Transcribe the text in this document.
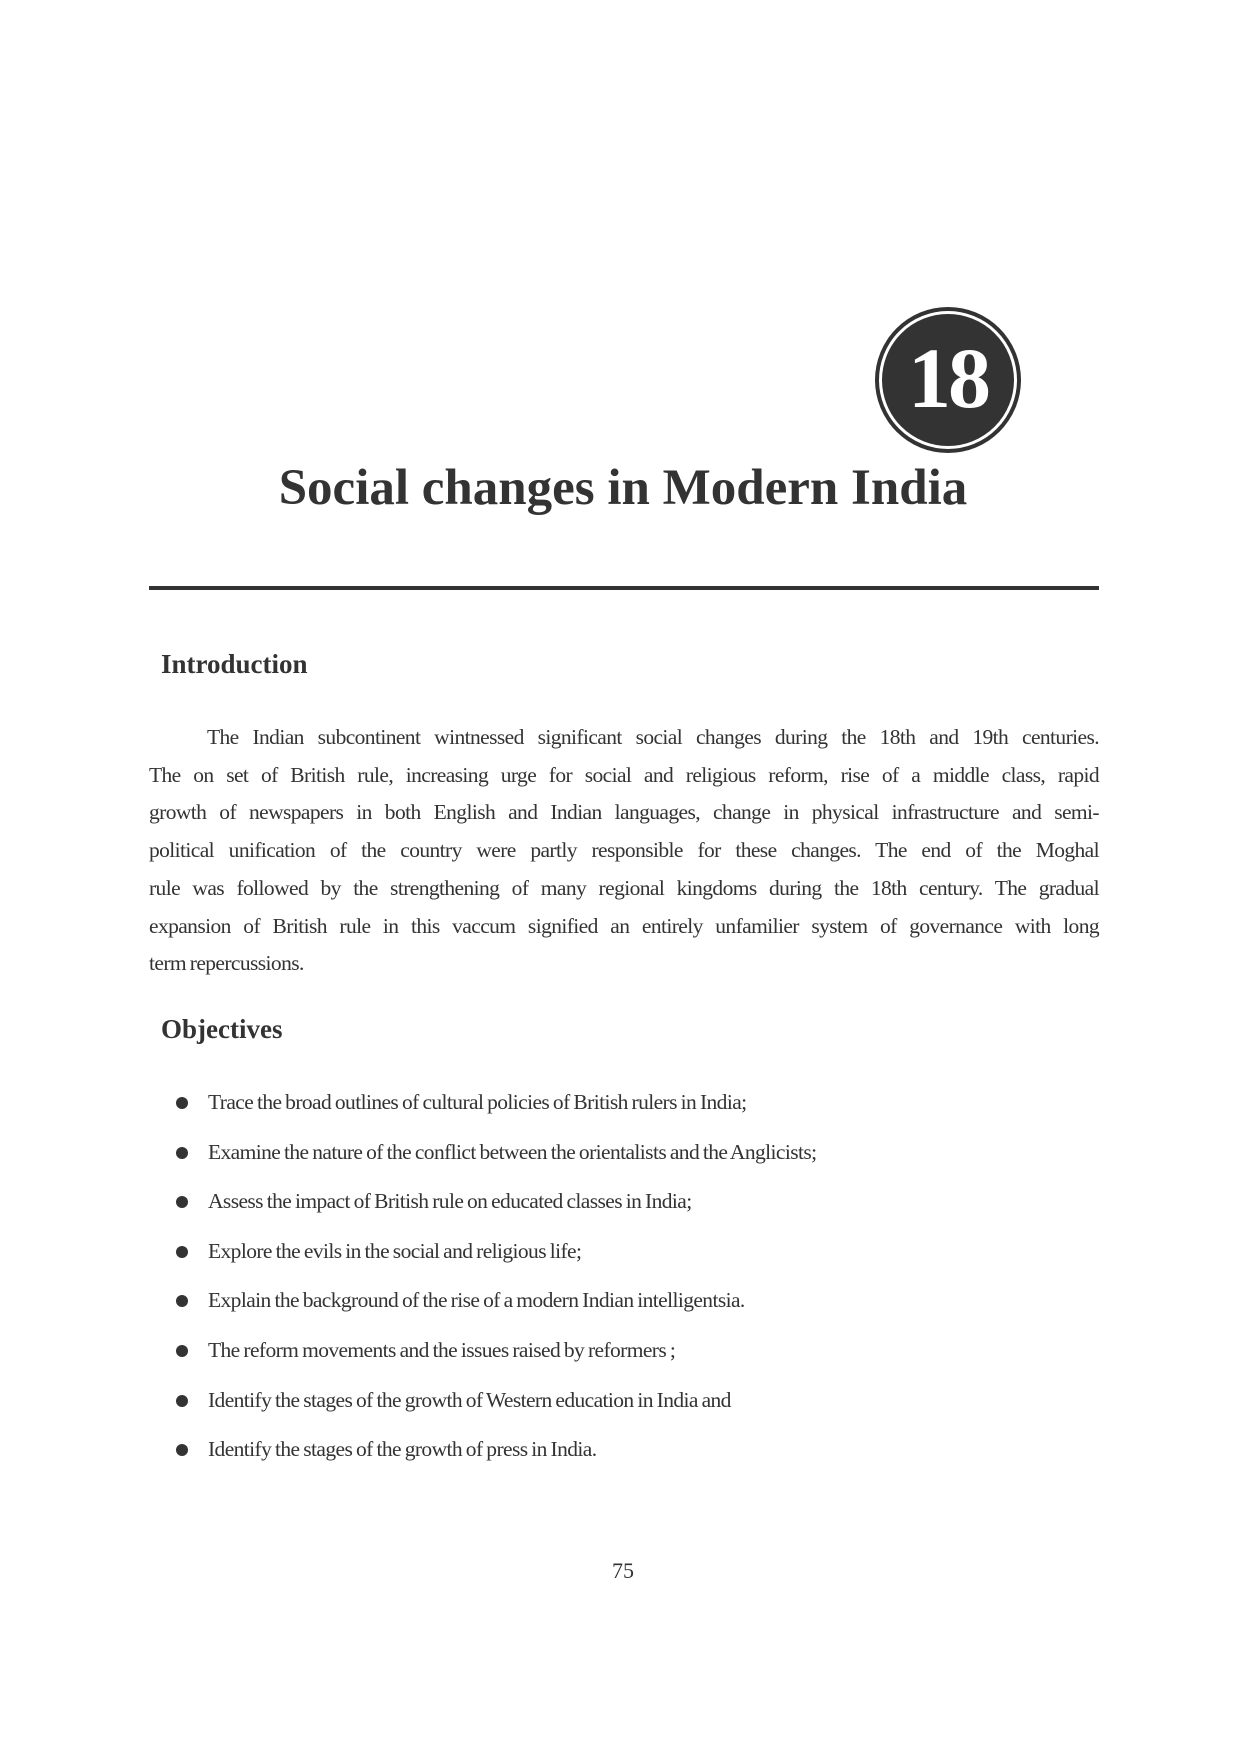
18
Social changes in Modern India
Introduction
The Indian subcontinent wintnessed significant social changes during the 18th and 19th centuries.
The on set of British rule, increasing urge for social and religious reform, rise of a middle class, rapid
growth of newspapers in both English and Indian languages, change in physical infrastructure and semi-
political unification of the country were partly responsible for these changes. The end of the Moghal
rule was followed by the strengthening of many regional kingdoms during the 18th century. The gradual
expansion of British rule in this vaccum signified an entirely unfamilier system of governance with long
term repercussions.
Objectives
Trace the broad outlines of cultural policies of British rulers in India;
Examine the nature of the conflict between the orientalists and the Anglicists;
Assess the impact of British rule on educated classes in India;
Explore the evils in the social and religious life;
Explain the background of the rise of a modern Indian intelligentsia.
The reform movements and the issues raised by reformers ;
Identify the stages of the growth of Western education in India and
Identify the stages of the growth of press in India.
75
